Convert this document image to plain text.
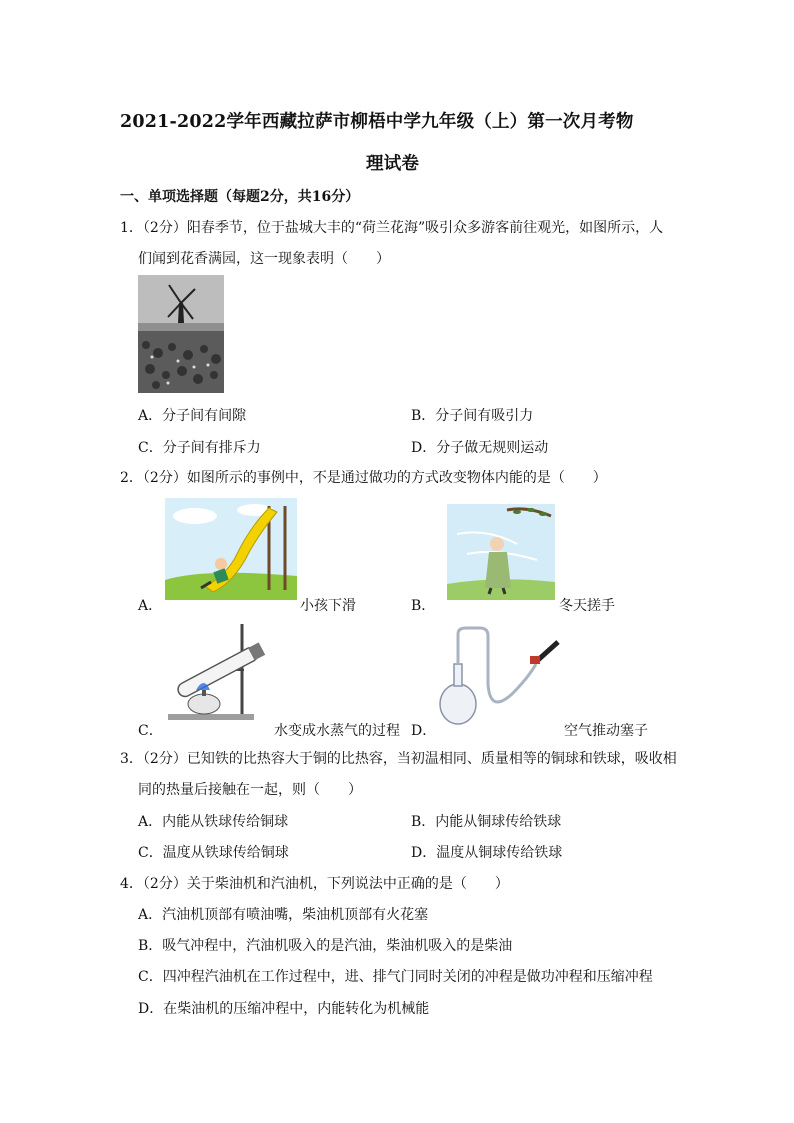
2021-2022学年西藏拉萨市柳梧中学九年级（上）第一次月考物
理试卷
一、单项选择题（每题2分，共16分）
1．（2分）阳春季节，位于盐城大丰的“荷兰花海”吸引众多游客前往观光，如图所示，人
们闻到花香满园，这一现象表明（　　）
A．分子间有间隙	B．分子间有吸引力
C．分子间有排斥力	D．分子做无规则运动
2．（2分）如图所示的事例中，不是通过做功的方式改变物体内能的是（　　）
A．	小孩下滑	B．	冬天搓手
C．	水变成水蒸气的过程 D．	空气推动塞子
3．（2分）已知铁的比热容大于铜的比热容，当初温相同、质量相等的铜球和铁球，吸收相
同的热量后接触在一起，则（　　）
A．内能从铁球传给铜球	B．内能从铜球传给铁球
C．温度从铁球传给铜球	D．温度从铜球传给铁球
4．（2分）关于柴油机和汽油机，下列说法中正确的是（　　）
A．汽油机顶部有喷油嘴，柴油机顶部有火花塞
B．吸气冲程中，汽油机吸入的是汽油，柴油机吸入的是柴油
C．四冲程汽油机在工作过程中，进、排气门同时关闭的冲程是做功冲程和压缩冲程
D．在柴油机的压缩冲程中，内能转化为机械能
